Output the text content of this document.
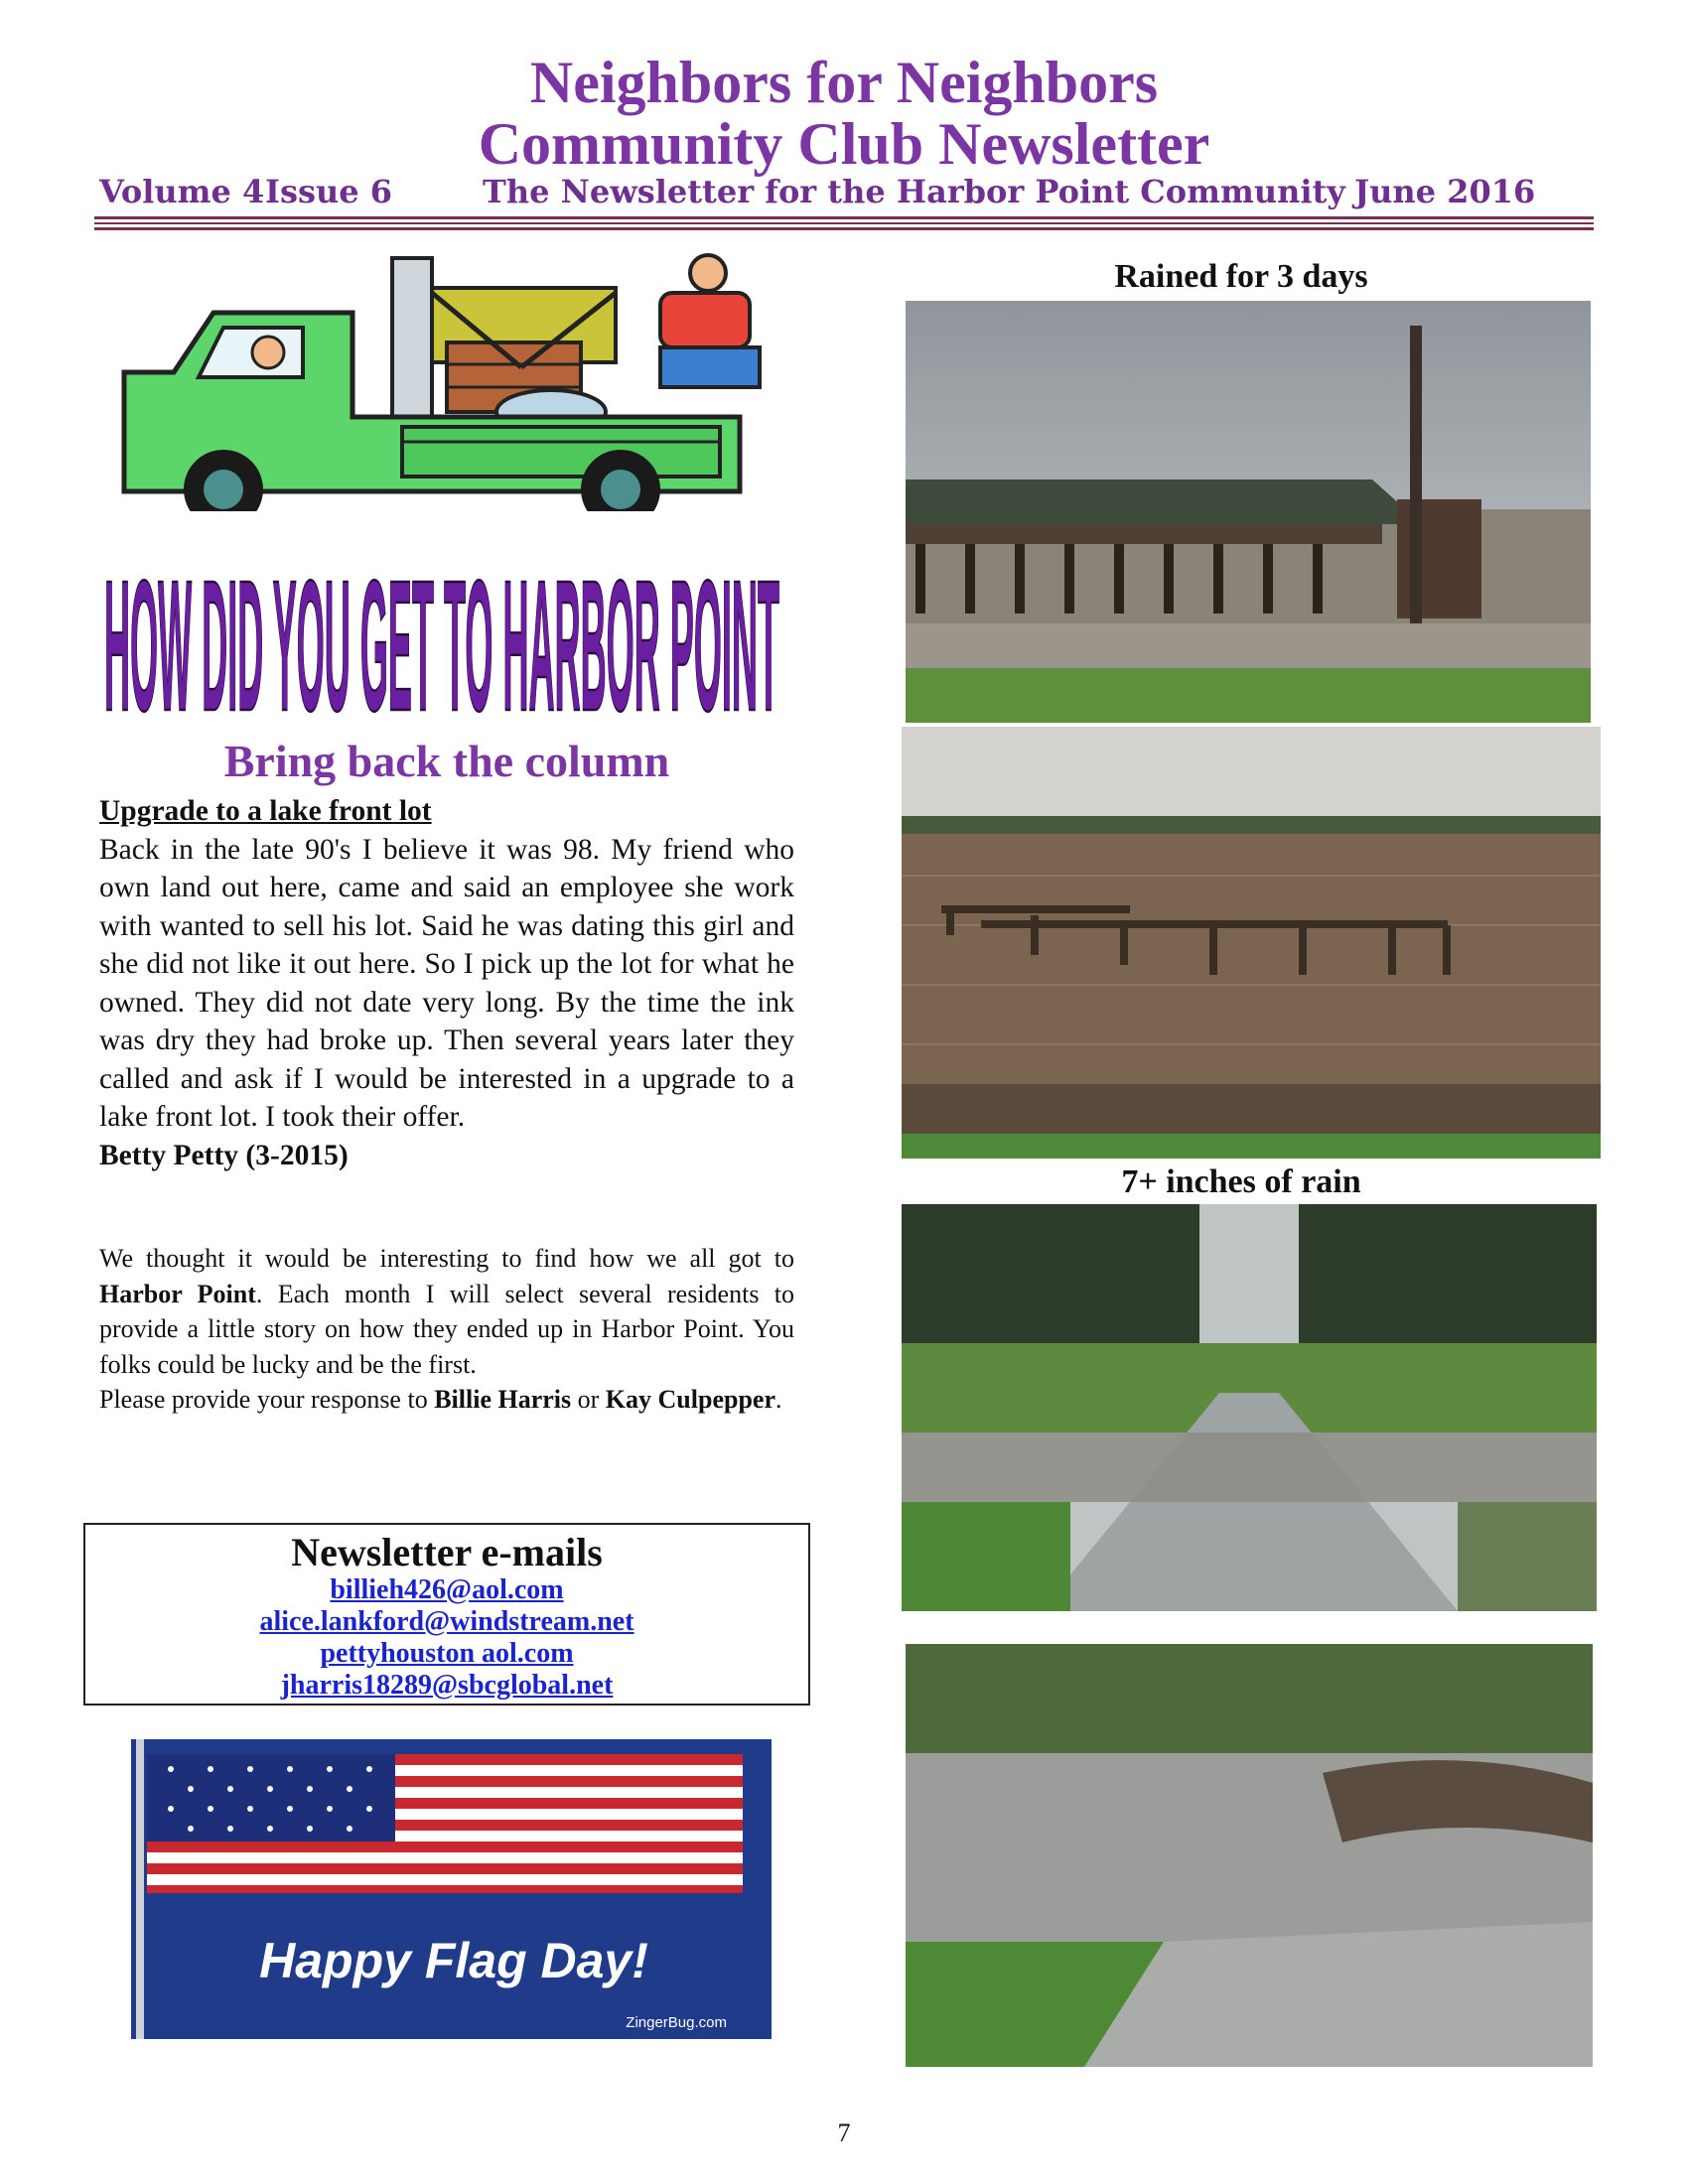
Neighbors for Neighbors
Community Club Newsletter
Volume 4 Issue 6	The Newsletter for the Harbor Point Community June 2016
HOW DID YOU GET TO HARBOR POINT
Bring back the column
Upgrade to a lake front lot
Back in the late 90's I believe it was 98. My friend who own land out here, came and said an employee she work with wanted to sell his lot. Said he was dating this girl and she did not like it out here. So I pick up the lot for what he owned. They did not date very long. By the time the ink was dry they had broke up. Then several years later they called and ask if I would be interested in a upgrade to a lake front lot. I took their offer.
Betty Petty (3-2015)
We thought it would be interesting to find how we all got to Harbor Point. Each month I will select several residents to provide a little story on how they ended up in Harbor Point. You folks could be lucky and be the first.
Please provide your response to Billie Harris or Kay Culpepper.
Newsletter e-mails
billieh426@aol.com
alice.lankford@windstream.net
pettyhouston aol.com
jharris18289@sbcglobal.net
Happy Flag Day!
ZingerBug.com
Rained for 3 days
7+ inches of rain
7
